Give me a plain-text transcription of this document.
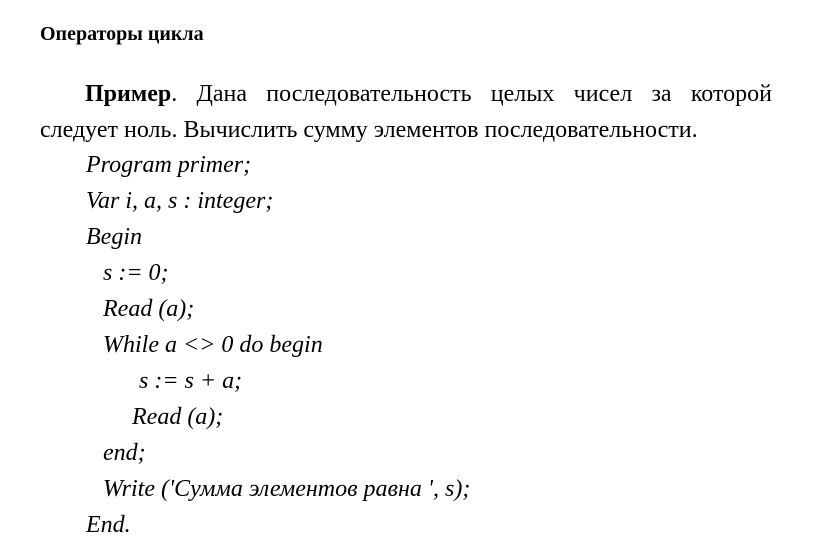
Операторы цикла
Пример. Дана последовательность целых чисел за которой следует ноль. Вычислить сумму элементов последовательности.
Program primer;
Var i, a, s : integer;
Begin
s := 0;
Read (a);
While a <> 0 do begin
s := s + a;
Read (a);
end;
Write ('Сумма элементов равна ', s);
End.
